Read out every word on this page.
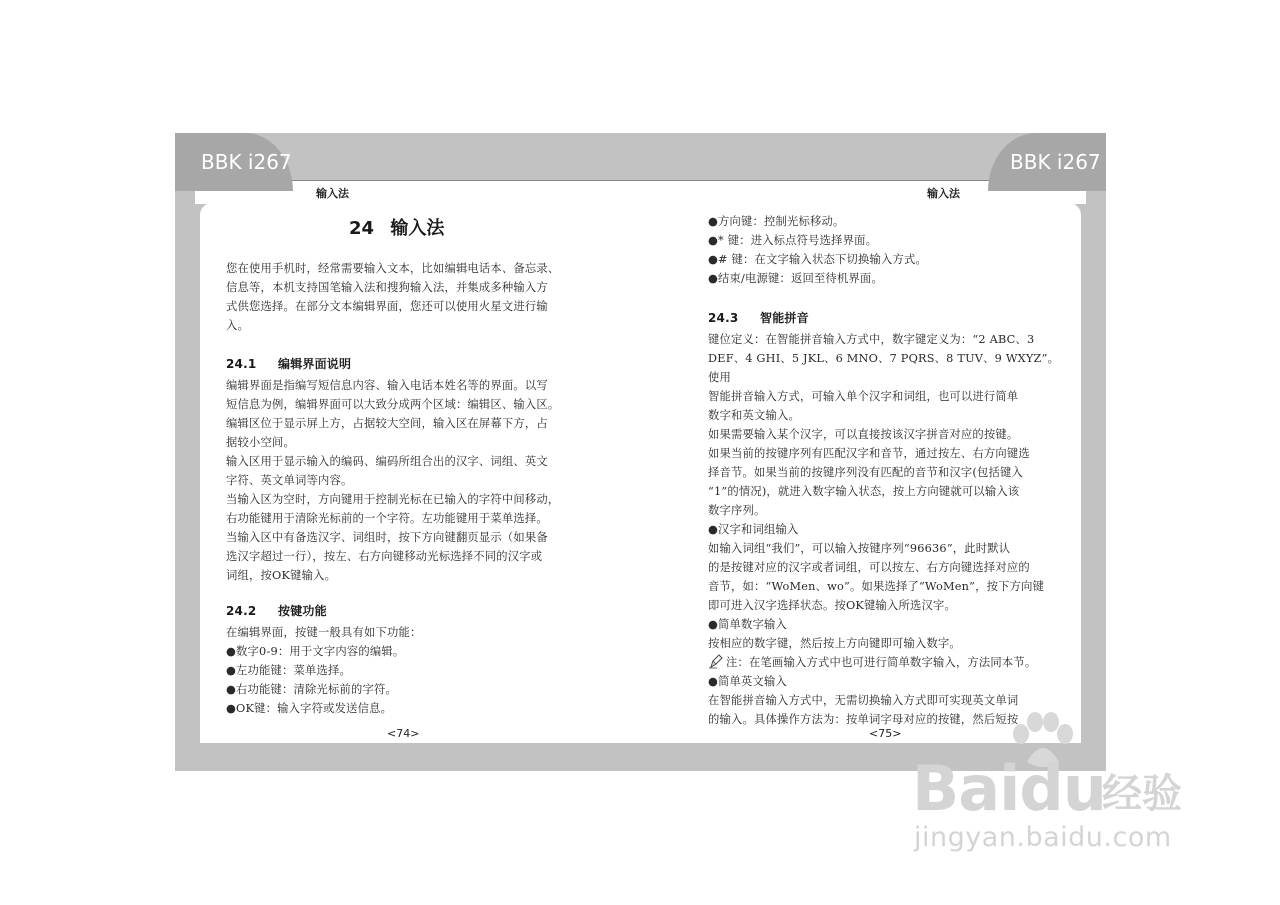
BBK i267	BBK i267
输入法	输入法
24 输入法

您在使用手机时，经常需要输入文本，比如编辑电话本、备忘录、

信息等，本机支持国笔输入法和搜狗输入法，并集成多种输入方

式供您选择。在部分文本编辑界面，您还可以使用火星文进行输

入。

24.1 编辑界面说明

编辑界面是指编写短信息内容、输入电话本姓名等的界面。以写

短信息为例，编辑界面可以大致分成两个区域：编辑区、输入区。

编辑区位于显示屏上方，占据较大空间，输入区在屏幕下方，占

据较小空间。

输入区用于显示输入的编码、编码所组合出的汉字、词组、英文

字符、英文单词等内容。

当输入区为空时，方向键用于控制光标在已输入的字符中间移动，

右功能键用于清除光标前的一个字符。左功能键用于菜单选择。

当输入区中有备选汉字、词组时，按下方向键翻页显示（如果备

选汉字超过一行），按左、右方向键移动光标选择不同的汉字或

词组，按OK键输入。

24.2 按键功能

在编辑界面，按键一般具有如下功能：

●数字0-9：用于文字内容的编辑。

●左功能键：菜单选择。

●右功能键：清除光标前的字符。

●OK键：输入字符或发送信息。

<74>

●方向键：控制光标移动。

●* 键：进入标点符号选择界面。

●# 键：在文字输入状态下切换输入方式。

●结束/电源键：返回至待机界面。

24.3 智能拼音

键位定义：在智能拼音输入方式中，数字键定义为：“2 ABC、3

DEF、4 GHI、5 JKL、6 MNO、7 PQRS、8 TUV、9 WXYZ”。使用

智能拼音输入方式，可输入单个汉字和词组，也可以进行简单

数字和英文输入。

如果需要输入某个汉字，可以直接按该汉字拼音对应的按键。

如果当前的按键序列有匹配汉字和音节，通过按左、右方向键选

择音节。如果当前的按键序列没有匹配的音节和汉字(包括键入

“1”的情况)，就进入数字输入状态，按上方向键就可以输入该

数字序列。

●汉字和词组输入

如输入词组“我们”，可以输入按键序列“96636”，此时默认

的是按键对应的汉字或者词组，可以按左、右方向键选择对应的

音节，如：“WoMen、wo”。如果选择了“WoMen”，按下方向键

即可进入汉字选择状态。按OK键输入所选汉字。

●简单数字输入

按相应的数字键，然后按上方向键即可输入数字。

注：在笔画输入方式中也可进行简单数字输入，方法同本节。

●简单英文输入

在智能拼音输入方式中，无需切换输入方式即可实现英文单词

的输入。具体操作方法为：按单词字母对应的按键，然后短按

<75>
Baidu
经验
jingyan.baidu.com
